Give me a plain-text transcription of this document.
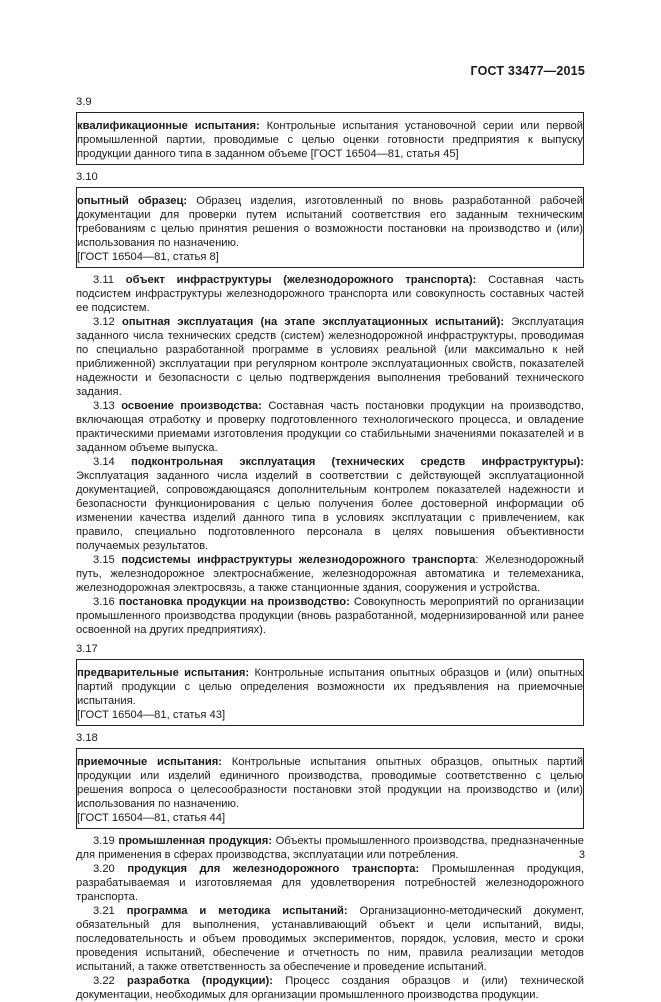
ГОСТ 33477—2015
3.9

квалификационные испытания: Контрольные испытания установочной серии или первой промышленной партии, проводимые с целью оценки готовности предприятия к выпуску продукции данного типа в заданном объеме [ГОСТ 16504—81, статья 45]

3.10

опытный образец: Образец изделия, изготовленный по вновь разработанной рабочей документации для проверки путем испытаний соответствия его заданным техническим требованиям с целью принятия решения о возможности постановки на производство и (или) использования по назначению.

[ГОСТ 16504—81, статья 8]

3.11 объект инфраструктуры (железнодорожного транспорта): Составная часть подсистем инфраструктуры железнодорожного транспорта или совокупность составных частей ее подсистем.

3.12 опытная эксплуатация (на этапе эксплуатационных испытаний): Эксплуатация заданного числа технических средств (систем) железнодорожной инфраструктуры, проводимая по специально разработанной программе в условиях реальной (или максимально к ней приближенной) эксплуатации при регулярном контроле эксплуатационных свойств, показателей надежности и безопасности с целью подтверждения выполнения требований технического задания.

3.13 освоение производства: Составная часть постановки продукции на производство, включающая отработку и проверку подготовленного технологического процесса, и овладение практическими приемами изготовления продукции со стабильными значениями показателей и в заданном объеме выпуска.

3.14 подконтрольная эксплуатация (технических средств инфраструктуры): Эксплуатация заданного числа изделий в соответствии с действующей эксплуатационной документацией, сопровождающаяся дополнительным контролем показателей надежности и безопасности функционирования с целью получения более достоверной информации об изменении качества изделий данного типа в условиях эксплуатации с привлечением, как правило, специально подготовленного персонала в целях повышения объективности получаемых результатов.

3.15 подсистемы инфраструктуры железнодорожного транспорта: Железнодорожный путь, железнодорожное электроснабжение, железнодорожная автоматика и телемеханика, железнодорожная электросвязь, а также станционные здания, сооружения и устройства.

3.16 постановка продукции на производство: Совокупность мероприятий по организации промышленного производства продукции (вновь разработанной, модернизированной или ранее освоенной на других предприятиях).

3.17

предварительные испытания: Контрольные испытания опытных образцов и (или) опытных партий продукции с целью определения возможности их предъявления на приемочные испытания.

[ГОСТ 16504—81, статья 43]

3.18

приемочные испытания: Контрольные испытания опытных образцов, опытных партий продукции или изделий единичного производства, проводимые соответственно с целью решения вопроса о целесообразности постановки этой продукции на производство и (или) использования по назначению.

[ГОСТ 16504—81, статья 44]

3.19 промышленная продукция: Объекты промышленного производства, предназначенные для применения в сферах производства, эксплуатации или потребления.

3.20 продукция для железнодорожного транспорта: Промышленная продукция, разрабатываемая и изготовляемая для удовлетворения потребностей железнодорожного транспорта.

3.21 программа и методика испытаний: Организационно-методический документ, обязательный для выполнения, устанавливающий объект и цели испытаний, виды, последовательность и объем проводимых экспериментов, порядок, условия, место и сроки проведения испытаний, обеспечение и отчетность по ним, правила реализации методов испытаний, а также ответственность за обеспечение и проведение испытаний.

3.22 разработка (продукции): Процесс создания образцов и (или) технической документации, необходимых для организации промышленного производства продукции.

3
